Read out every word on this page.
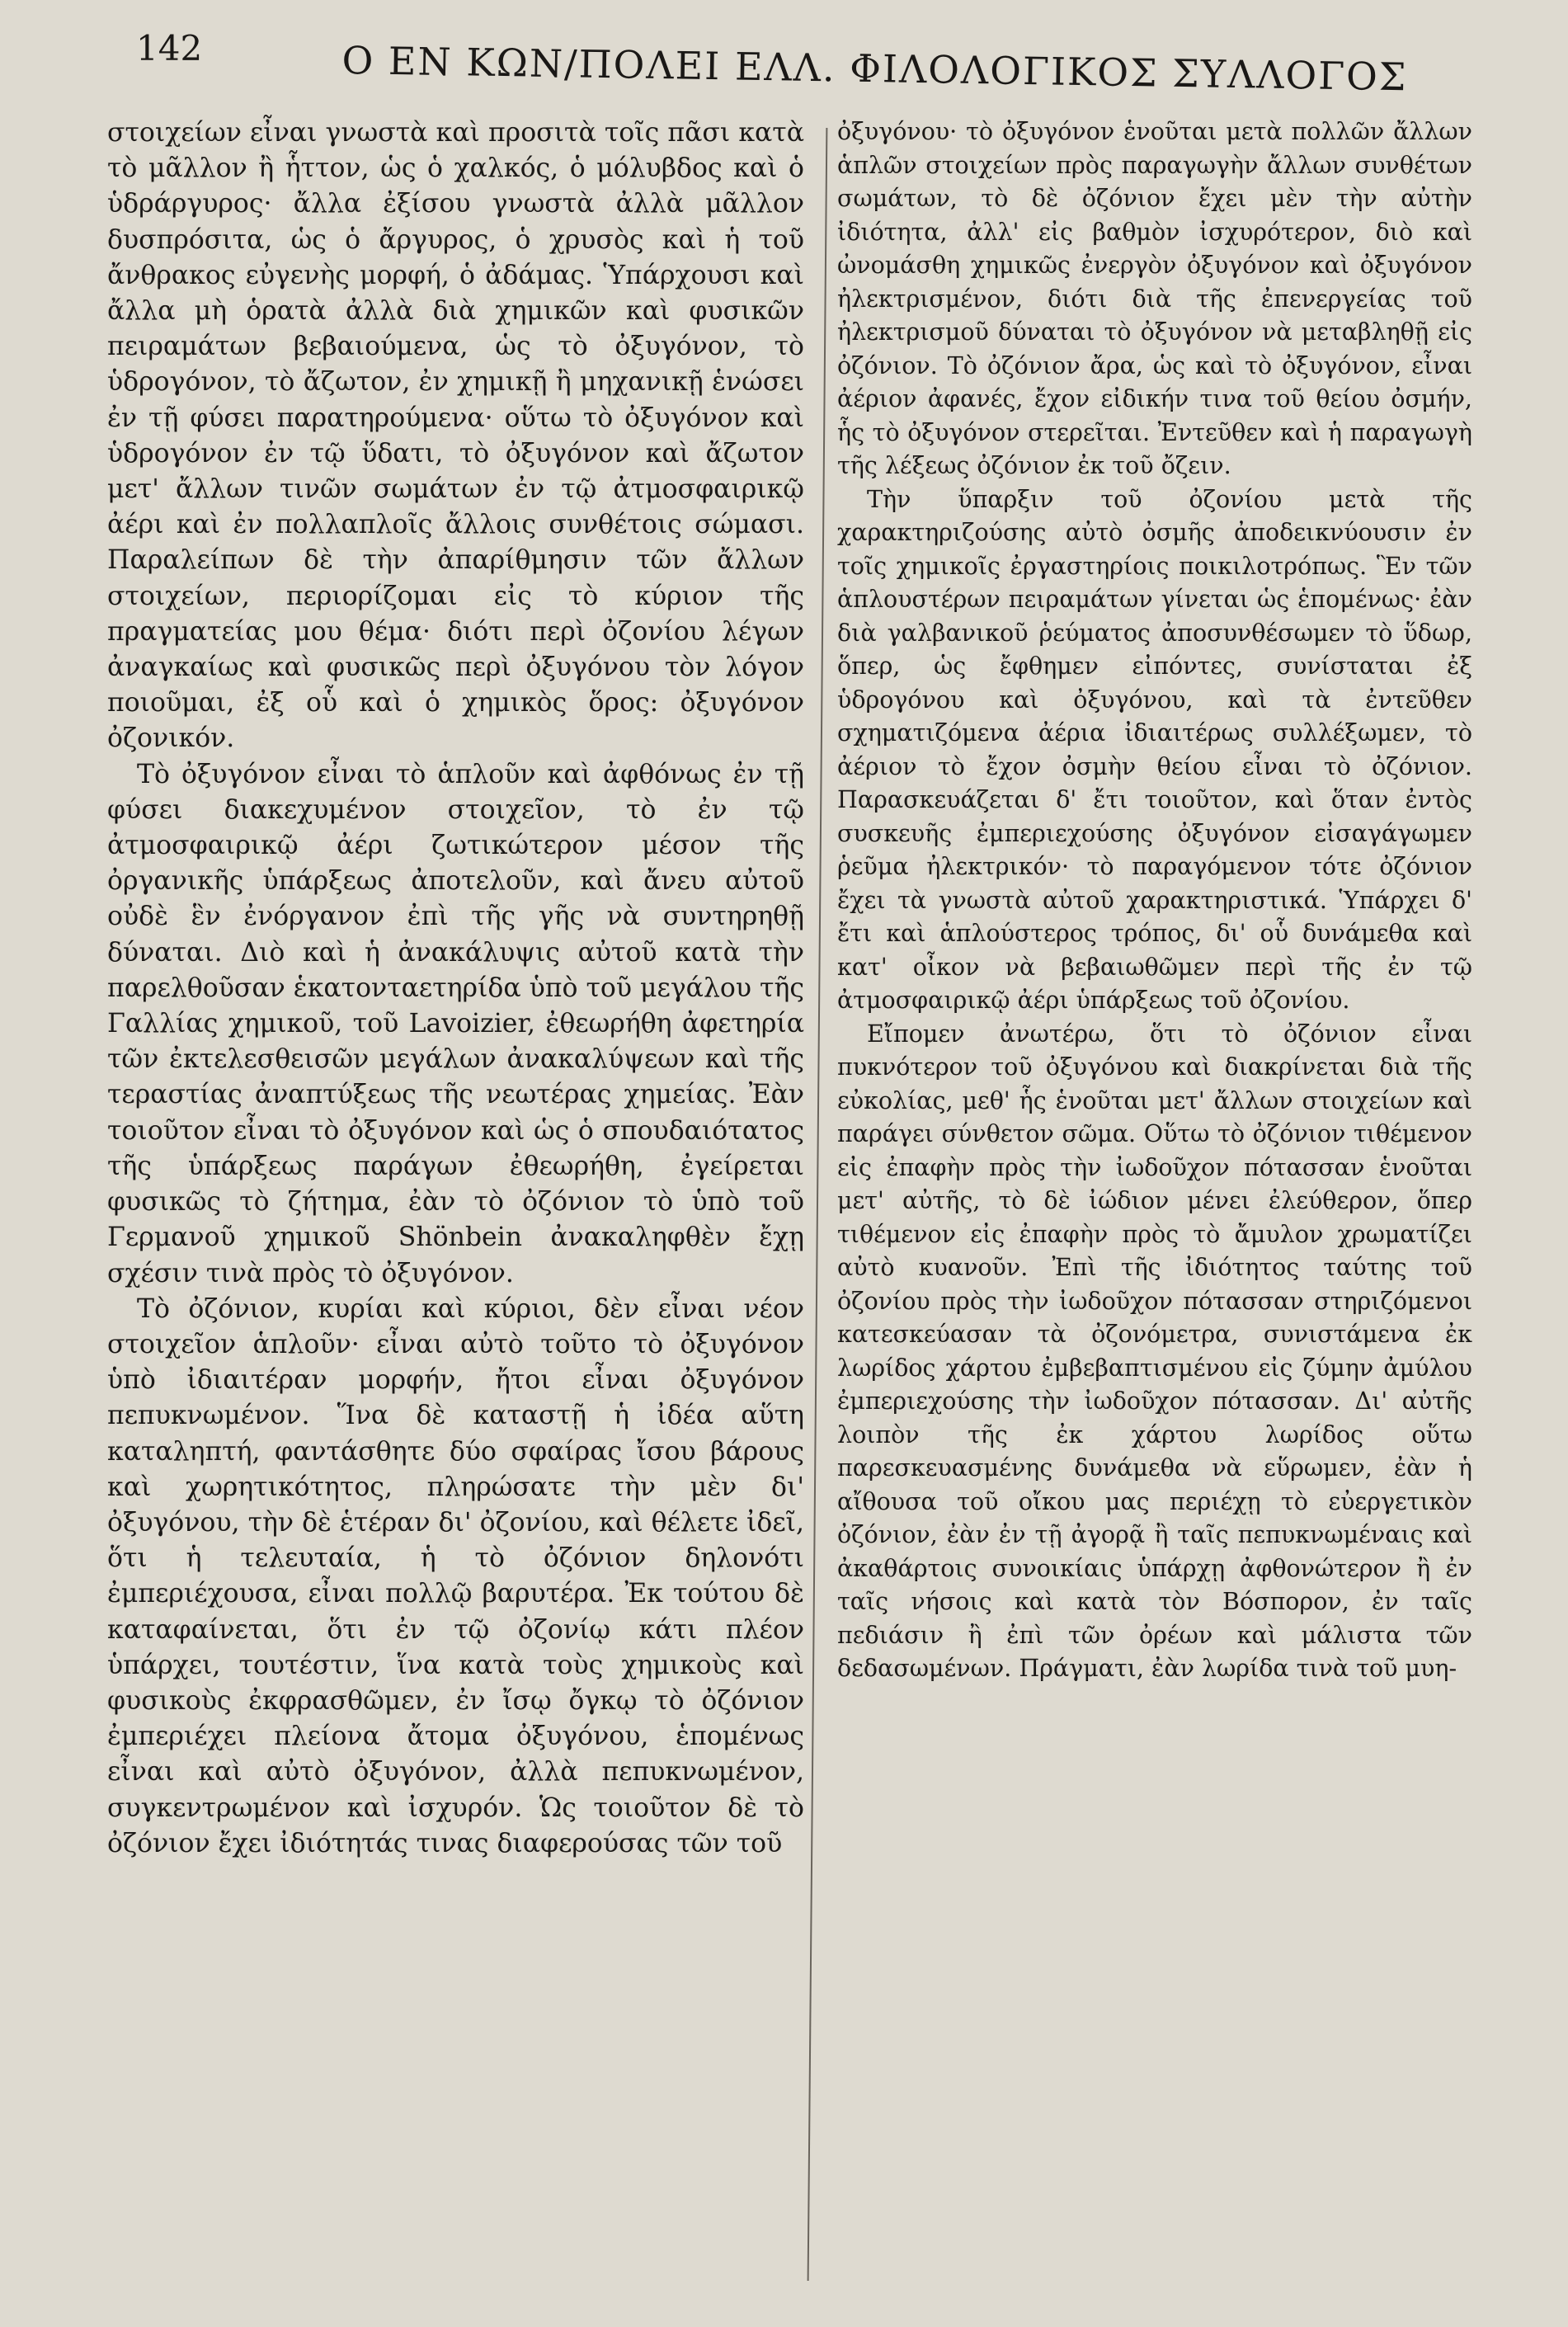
142	Ο ΕΝ ΚΩΝ/ΠΟΛΕΙ ΕΛΛ. ΦΙΛΟΛΟΓΙΚΟΣ ΣΥΛΛΟΓΟΣ

στοιχείων εἶναι γνωστὰ καὶ προσιτὰ τοῖς πᾶσι κατὰ τὸ μᾶλλον ἢ ἧττον, ὡς ὁ χαλκός, ὁ μόλυβδος καὶ ὁ ὑδράργυρος· ἄλλα ἐξίσου γνωστὰ ἀλλὰ μᾶλλον δυσπρόσιτα, ὡς ὁ ἄργυρος, ὁ χρυσὸς καὶ ἡ τοῦ ἄνθρακος εὐγενὴς μορφή, ὁ ἀδάμας. Ὑπάρχουσι καὶ ἄλλα μὴ ὁρατὰ ἀλλὰ διὰ χημικῶν καὶ φυσικῶν πειραμάτων βεβαιούμενα, ὡς τὸ ὀξυγόνον, τὸ ὑδρογόνον, τὸ ἄζωτον, ἐν χημικῇ ἢ μηχανικῇ ἑνώσει ἐν τῇ φύσει παρατηρούμενα· οὕτω τὸ ὀξυγόνον καὶ ὑδρογόνον ἐν τῷ ὕδατι, τὸ ὀξυγόνον καὶ ἄζωτον μετ' ἄλλων τινῶν σωμάτων ἐν τῷ ἀτμοσφαιρικῷ ἀέρι καὶ ἐν πολλαπλοῖς ἄλλοις συνθέτοις σώμασι. Παραλείπων δὲ τὴν ἀπαρίθμησιν τῶν ἄλλων στοιχείων, περιορίζομαι εἰς τὸ κύριον τῆς πραγματείας μου θέμα· διότι περὶ ὀζονίου λέγων ἀναγκαίως καὶ φυσικῶς περὶ ὀξυγόνου τὸν λόγον ποιοῦμαι, ἐξ οὗ καὶ ὁ χημικὸς ὅρος: ὀξυγόνον ὀζονικόν.

Τὸ ὀξυγόνον εἶναι τὸ ἁπλοῦν καὶ ἀφθόνως ἐν τῇ φύσει διακεχυμένον στοιχεῖον, τὸ ἐν τῷ ἀτμοσφαιρικῷ ἀέρι ζωτικώτερον μέσον τῆς ὀργανικῆς ὑπάρξεως ἀποτελοῦν, καὶ ἄνευ αὐτοῦ οὐδὲ ἓν ἐνόργανον ἐπὶ τῆς γῆς νὰ συντηρηθῇ δύναται. Διὸ καὶ ἡ ἀνακάλυψις αὐτοῦ κατὰ τὴν παρελθοῦσαν ἑκατονταετηρίδα ὑπὸ τοῦ μεγάλου τῆς Γαλλίας χημικοῦ, τοῦ Lavoizier, ἐθεωρήθη ἀφετηρία τῶν ἐκτελεσθεισῶν μεγάλων ἀνακαλύψεων καὶ τῆς τεραστίας ἀναπτύξεως τῆς νεωτέρας χημείας. Ἐὰν τοιοῦτον εἶναι τὸ ὀξυγόνον καὶ ὡς ὁ σπουδαιότατος τῆς ὑπάρξεως παράγων ἐθεωρήθη, ἐγείρεται φυσικῶς τὸ ζήτημα, ἐὰν τὸ ὀζόνιον τὸ ὑπὸ τοῦ Γερμανοῦ χημικοῦ Shönbein ἀνακαληφθὲν ἔχῃ σχέσιν τινὰ πρὸς τὸ ὀξυγόνον.

Τὸ ὀζόνιον, κυρίαι καὶ κύριοι, δὲν εἶναι νέον στοιχεῖον ἁπλοῦν· εἶναι αὐτὸ τοῦτο τὸ ὀξυγόνον ὑπὸ ἰδιαιτέραν μορφήν, ἤτοι εἶναι ὀξυγόνον πεπυκνωμένον. Ἵνα δὲ καταστῇ ἡ ἰδέα αὕτη καταληπτή, φαντάσθητε δύο σφαίρας ἴσου βάρους καὶ χωρητικότητος, πληρώσατε τὴν μὲν δι' ὀξυγόνου, τὴν δὲ ἑτέραν δι' ὀζονίου, καὶ θέλετε ἰδεῖ, ὅτι ἡ τελευταία, ἡ τὸ ὀζόνιον δηλονότι ἐμπεριέχουσα, εἶναι πολλῷ βαρυτέρα. Ἐκ τούτου δὲ καταφαίνεται, ὅτι ἐν τῷ ὀζονίῳ κάτι πλέον ὑπάρχει, τουτέστιν, ἵνα κατὰ τοὺς χημικοὺς καὶ φυσικοὺς ἐκφρασθῶμεν, ἐν ἴσῳ ὄγκῳ τὸ ὀζόνιον ἐμπεριέχει πλείονα ἄτομα ὀξυγόνου, ἑπομένως εἶναι καὶ αὐτὸ ὀξυγόνον, ἀλλὰ πεπυκνωμένον, συγκεντρωμένον καὶ ἰσχυρόν. Ὡς τοιοῦτον δὲ τὸ ὀζόνιον ἔχει ἰδιότητάς τινας διαφερούσας τῶν τοῦ

ὀξυγόνου· τὸ ὀξυγόνον ἑνοῦται μετὰ πολλῶν ἄλλων ἁπλῶν στοιχείων πρὸς παραγωγὴν ἄλλων συνθέτων σωμάτων, τὸ δὲ ὀζόνιον ἔχει μὲν τὴν αὐτὴν ἰδιότητα, ἀλλ' εἰς βαθμὸν ἰσχυρότερον, διὸ καὶ ὠνομάσθη χημικῶς ἐνεργὸν ὀξυγόνον καὶ ὀξυγόνον ἠλεκτρισμένον, διότι διὰ τῆς ἐπενεργείας τοῦ ἠλεκτρισμοῦ δύναται τὸ ὀξυγόνον νὰ μεταβληθῇ εἰς ὀζόνιον. Τὸ ὀζόνιον ἄρα, ὡς καὶ τὸ ὀξυγόνον, εἶναι ἀέριον ἀφανές, ἔχον εἰδικήν τινα τοῦ θείου ὀσμήν, ἧς τὸ ὀξυγόνον στερεῖται. Ἐντεῦθεν καὶ ἡ παραγωγὴ τῆς λέξεως ὀζόνιον ἐκ τοῦ ὄζειν.

Τὴν ὕπαρξιν τοῦ ὀζονίου μετὰ τῆς χαρακτηριζούσης αὐτὸ ὀσμῆς ἀποδεικνύουσιν ἐν τοῖς χημικοῖς ἐργαστηρίοις ποικιλοτρόπως. Ἓν τῶν ἁπλουστέρων πειραμάτων γίνεται ὡς ἑπομένως· ἐὰν διὰ γαλβανικοῦ ῥεύματος ἀποσυνθέσωμεν τὸ ὕδωρ, ὅπερ, ὡς ἔφθημεν εἰπόντες, συνίσταται ἐξ ὑδρογόνου καὶ ὀξυγόνου, καὶ τὰ ἐντεῦθεν σχηματιζόμενα ἀέρια ἰδιαιτέρως συλλέξωμεν, τὸ ἀέριον τὸ ἔχον ὀσμὴν θείου εἶναι τὸ ὀζόνιον. Παρασκευάζεται δ' ἔτι τοιοῦτον, καὶ ὅταν ἐντὸς συσκευῆς ἐμπεριεχούσης ὀξυγόνον εἰσαγάγωμεν ῥεῦμα ἠλεκτρικόν· τὸ παραγόμενον τότε ὀζόνιον ἔχει τὰ γνωστὰ αὐτοῦ χαρακτηριστικά. Ὑπάρχει δ' ἔτι καὶ ἁπλούστερος τρόπος, δι' οὗ δυνάμεθα καὶ κατ' οἶκον νὰ βεβαιωθῶμεν περὶ τῆς ἐν τῷ ἀτμοσφαιρικῷ ἀέρι ὑπάρξεως τοῦ ὀζονίου.

Εἴπομεν ἀνωτέρω, ὅτι τὸ ὀζόνιον εἶναι πυκνότερον τοῦ ὀξυγόνου καὶ διακρίνεται διὰ τῆς εὐκολίας, μεθ' ἧς ἑνοῦται μετ' ἄλλων στοιχείων καὶ παράγει σύνθετον σῶμα. Οὕτω τὸ ὀζόνιον τιθέμενον εἰς ἐπαφὴν πρὸς τὴν ἰωδοῦχον πότασσαν ἑνοῦται μετ' αὐτῆς, τὸ δὲ ἰώδιον μένει ἐλεύθερον, ὅπερ τιθέμενον εἰς ἐπαφὴν πρὸς τὸ ἄμυλον χρωματίζει αὐτὸ κυανοῦν. Ἐπὶ τῆς ἰδιότητος ταύτης τοῦ ὀζονίου πρὸς τὴν ἰωδοῦχον πότασσαν στηριζόμενοι κατεσκεύασαν τὰ ὀζονόμετρα, συνιστάμενα ἐκ λωρίδος χάρτου ἐμβεβαπτισμένου εἰς ζύμην ἀμύλου ἐμπεριεχούσης τὴν ἰωδοῦχον πότασσαν. Δι' αὐτῆς λοιπὸν τῆς ἐκ χάρτου λωρίδος οὕτω παρεσκευασμένης δυνάμεθα νὰ εὕρωμεν, ἐὰν ἡ αἴθουσα τοῦ οἴκου μας περιέχῃ τὸ εὐεργετικὸν ὀζόνιον, ἐὰν ἐν τῇ ἀγορᾷ ἢ ταῖς πεπυκνωμέναις καὶ ἀκαθάρτοις συνοικίαις ὑπάρχῃ ἀφθονώτερον ἢ ἐν ταῖς νήσοις καὶ κατὰ τὸν Βόσπορον, ἐν ταῖς πεδιάσιν ἢ ἐπὶ τῶν ὀρέων καὶ μάλιστα τῶν δεδασωμένων. Πράγματι, ἐὰν λωρίδα τινὰ τοῦ μυη-
